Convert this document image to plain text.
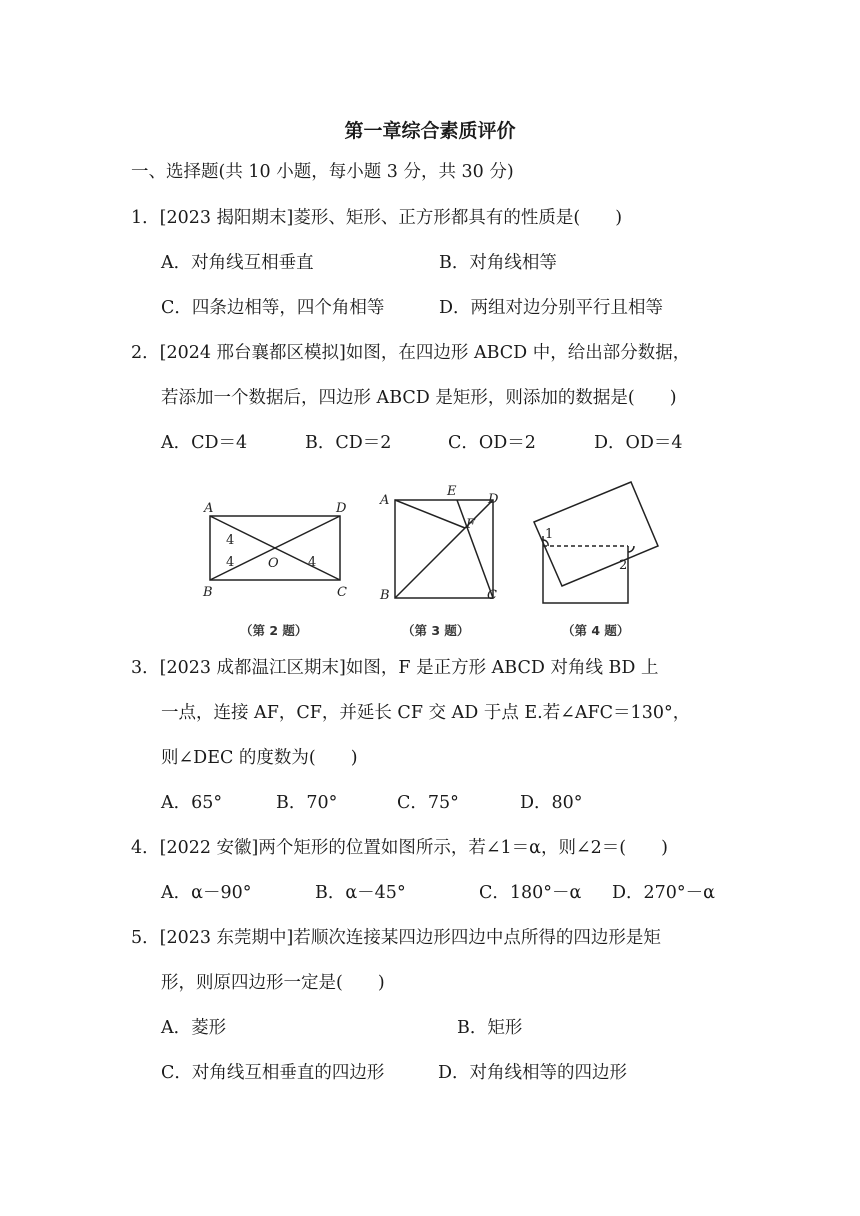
第一章综合素质评价
一、选择题(共 10 小题，每小题 3 分，共 30 分)
1．[2023 揭阳期末]菱形、矩形、正方形都具有的性质是(　　)
A．对角线互相垂直	B．对角线相等
C．四条边相等，四个角相等	D．两组对边分别平行且相等
2．[2024 邢台襄都区模拟]如图，在四边形 ABCD 中，给出部分数据，
若添加一个数据后，四边形 ABCD 是矩形，则添加的数据是(　　)
A．CD＝4	B．CD＝2	C．OD＝2	D．OD＝4
A	D
B	C
O
4
4	4
（第 2 题）
A
E
D
F
B	C
（第 3 题）
1
2
（第 4 题）
3．[2023 成都温江区期末]如图，F 是正方形 ABCD 对角线 BD 上
一点，连接 AF，CF，并延长 CF 交 AD 于点 E.若∠AFC＝130°，
则∠DEC 的度数为(　　)
A．65°	B．70°	C．75°	D．80°
4．[2022 安徽]两个矩形的位置如图所示，若∠1＝α，则∠2＝(　　)
A．α－90°	B．α－45°	C．180°－α D．270°－α
5．[2023 东莞期中]若顺次连接某四边形四边中点所得的四边形是矩
形，则原四边形一定是(　　)
A．菱形	B．矩形
C．对角线互相垂直的四边形	D．对角线相等的四边形
